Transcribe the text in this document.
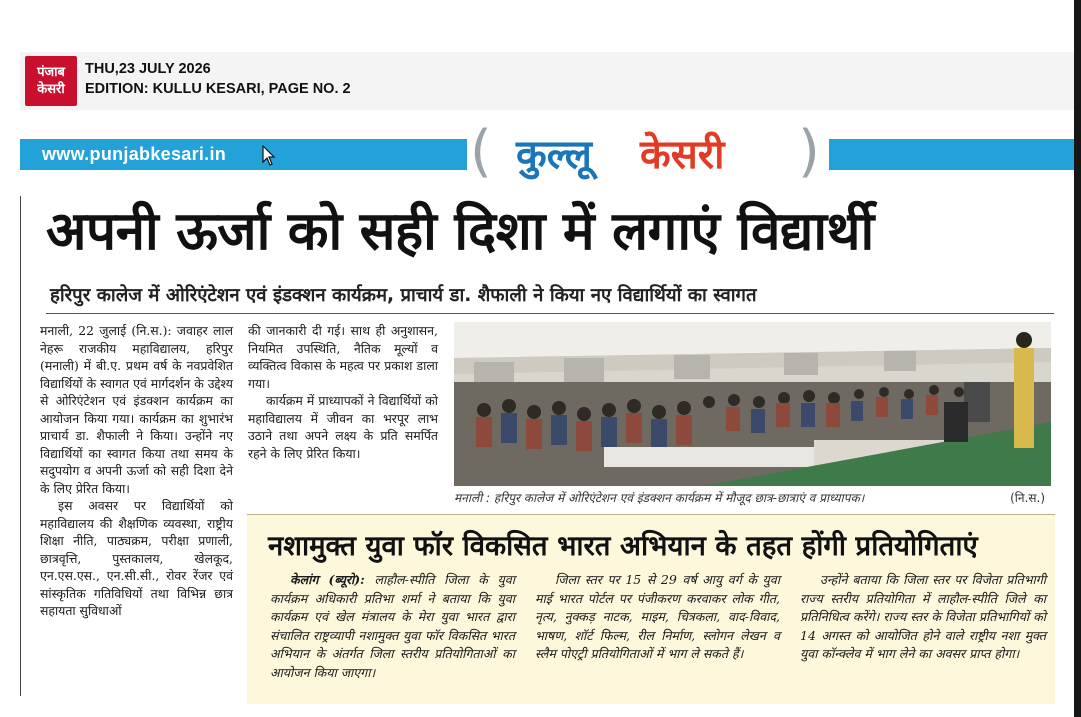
पंजाब
केसरी
THU,23 JULY 2026
EDITION: KULLU KESARI, PAGE NO. 2
www.punjabkesari.in	( कुल्लू केसरी )
अपनी ऊर्जा को सही दिशा में लगाएं विद्यार्थी
हरिपुर कालेज में ओरिएंटेशन एवं इंडक्शन कार्यक्रम, प्राचार्य डा. शैफाली ने किया नए विद्यार्थियों का स्वागत

मनाली, 22 जुलाई (नि.स.): जवाहर लाल नेहरू राजकीय महाविद्यालय, हरिपुर (मनाली) में बी.ए. प्रथम वर्ष के नवप्रवेशित विद्यार्थियों के स्वागत एवं मार्गदर्शन के उद्देश्य से ओरिएंटेशन एवं इंडक्शन कार्यक्रम का आयोजन किया गया। कार्यक्रम का शुभारंभ प्राचार्य डा. शैफाली ने किया। उन्होंने नए विद्यार्थियों का स्वागत किया तथा समय के सदुपयोग व अपनी ऊर्जा को सही दिशा देने के लिए प्रेरित किया।

इस अवसर पर विद्यार्थियों को महाविद्यालय की शैक्षणिक व्यवस्था, राष्ट्रीय शिक्षा नीति, पाठ्यक्रम, परीक्षा प्रणाली, छात्रवृत्ति, पुस्तकालय, खेलकूद, एन.एस.एस., एन.सी.सी., रोवर रेंजर एवं सांस्कृतिक गतिविधियों तथा विभिन्न छात्र सहायता सुविधाओं

की जानकारी दी गई। साथ ही अनुशासन, नियमित उपस्थिति, नैतिक मूल्यों व व्यक्तित्व विकास के महत्व पर प्रकाश डाला गया।

कार्यक्रम में प्राध्यापकों ने विद्यार्थियों को महाविद्यालय में जीवन का भरपूर लाभ उठाने तथा अपने लक्ष्य के प्रति समर्पित रहने के लिए प्रेरित किया।

मनाली : हरिपुर कालेज में ओरिएंटेशन एवं इंडक्शन कार्यक्रम में मौजूद छात्र-छात्राएं व प्राध्यापक।	(नि.स.)
नशामुक्त युवा फॉर विकसित भारत अभियान के तहत होंगी प्रतियोगिताएं

केलांग (ब्यूरो): लाहौल-स्पीति जिला के युवा कार्यक्रम अधिकारी प्रतिभा शर्मा ने बताया कि युवा कार्यक्रम एवं खेल मंत्रालय के मेरा युवा भारत द्वारा संचालित राष्ट्रव्यापी नशामुक्त युवा फॉर विकसित भारत अभियान के अंतर्गत जिला स्तरीय प्रतियोगिताओं का आयोजन किया जाएगा।

जिला स्तर पर 15 से 29 वर्ष आयु वर्ग के युवा माई भारत पोर्टल पर पंजीकरण करवाकर लोक गीत, नृत्य, नुक्कड़ नाटक, माइम, चित्रकला, वाद-विवाद, भाषण, शॉर्ट फिल्म, रील निर्माण, स्लोगन लेखन व स्लैम पोएट्री प्रतियोगिताओं में भाग ले सकते हैं।

उन्होंने बताया कि जिला स्तर पर विजेता प्रतिभागी राज्य स्तरीय प्रतियोगिता में लाहौल-स्पीति जिले का प्रतिनिधित्व करेंगे। राज्य स्तर के विजेता प्रतिभागियों को 14 अगस्त को आयोजित होने वाले राष्ट्रीय नशा मुक्त युवा कॉन्क्लेव में भाग लेने का अवसर प्राप्त होगा।
